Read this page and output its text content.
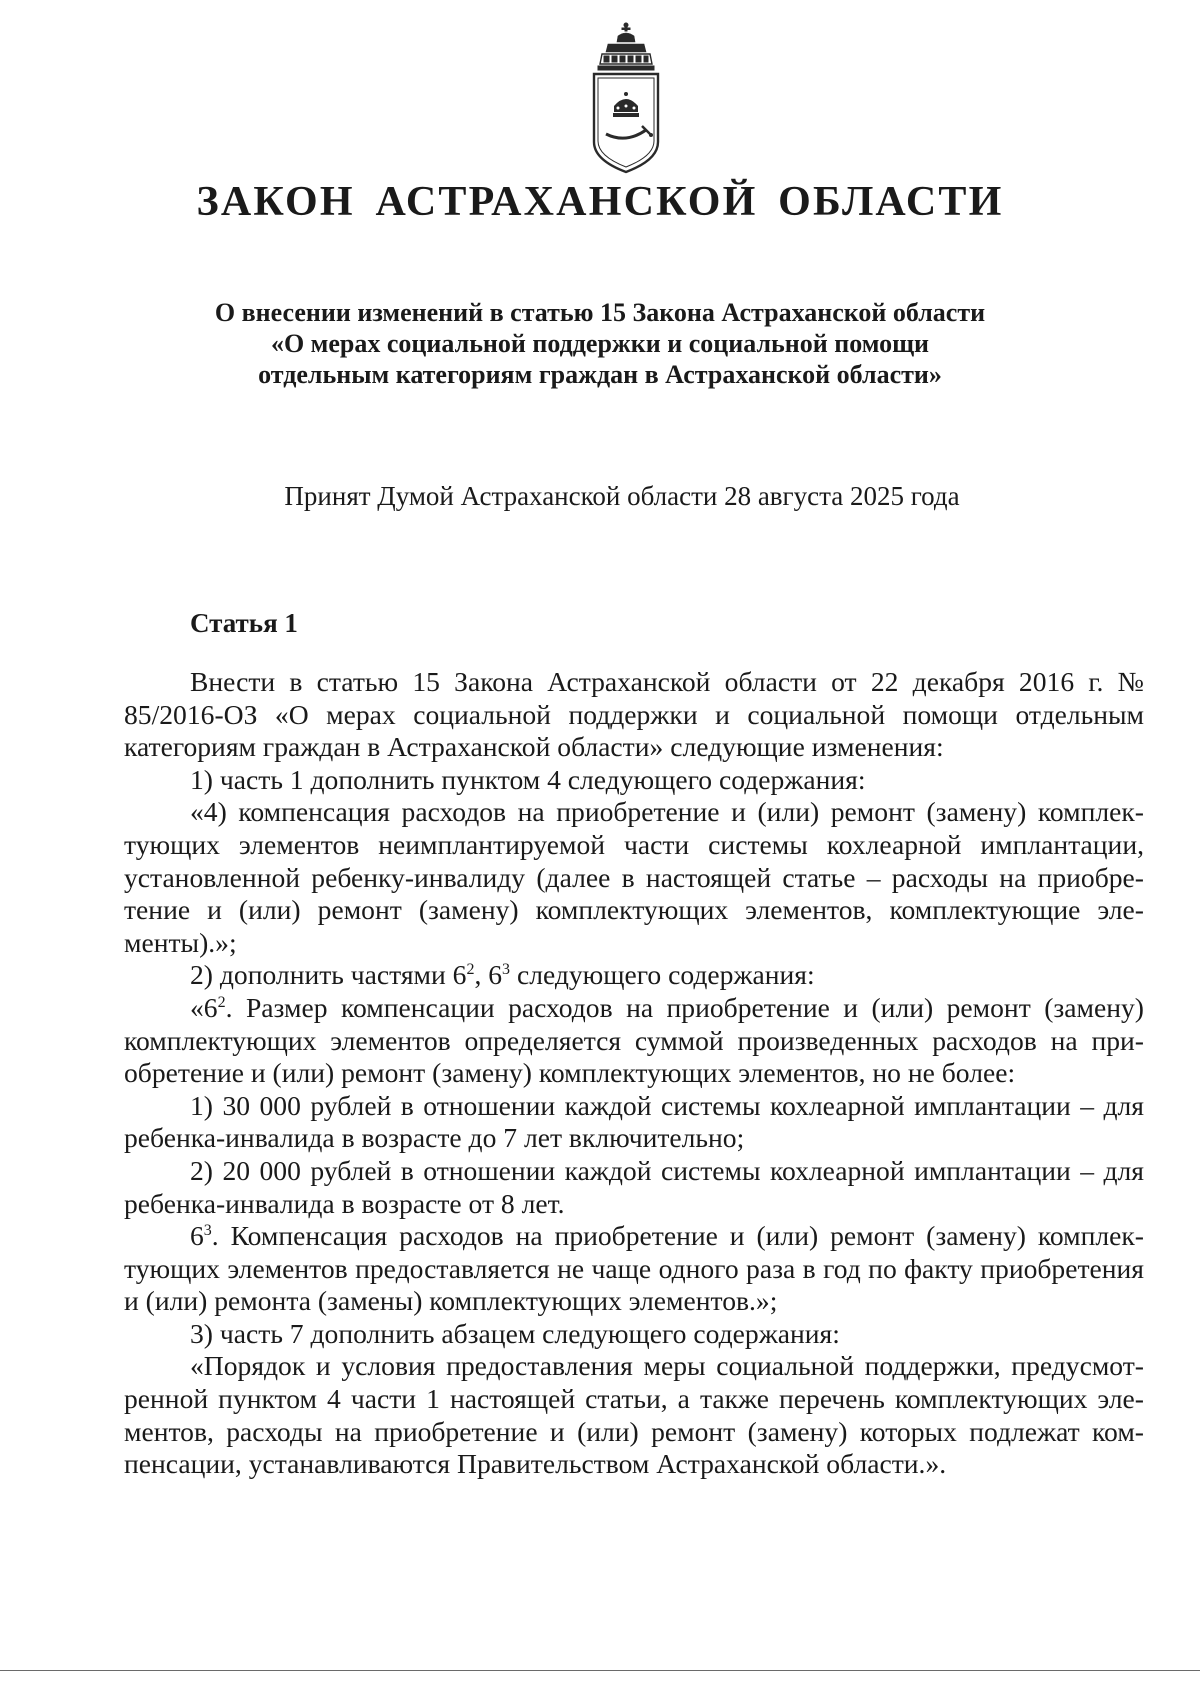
ЗАКОН АСТРАХАНСКОЙ ОБЛАСТИ
О внесении изменений в статью 15 Закона Астраханской области
«О мерах социальной поддержки и социальной помощи
отдельным категориям граждан в Астраханской области»

Принят Думой Астраханской области 28 августа 2025 года

Статья 1

Внести в статью 15 Закона Астраханской области от 22 декабря 2016 г. № 85/2016-ОЗ «О мерах социальной поддержки и социальной помощи отдельным категориям граждан в Астраханской области» следующие изменения:

1) часть 1 дополнить пунктом 4 следующего содержания:

«4) компенсация расходов на приобретение и (или) ремонт (замену) комплектующих элементов неимплантируемой части системы кохлеарной имплантации, установленной ребенку-инвалиду (далее в настоящей статье – расходы на приобретение и (или) ремонт (замену) комплектующих элементов, комплектующие элементы).»;

2) дополнить частями $6^2$, $6^3$ следующего содержания:

«$6^2$. Размер компенсации расходов на приобретение и (или) ремонт (замену) комплектующих элементов определяется суммой произведенных расходов на приобретение и (или) ремонт (замену) комплектующих элементов, но не более:

1) 30 000 рублей в отношении каждой системы кохлеарной имплантации – для ребенка-инвалида в возрасте до 7 лет включительно;

2) 20 000 рублей в отношении каждой системы кохлеарной имплантации – для ребенка-инвалида в возрасте от 8 лет.

$6^3$. Компенсация расходов на приобретение и (или) ремонт (замену) комплектующих элементов предоставляется не чаще одного раза в год по факту приобретения и (или) ремонта (замены) комплектующих элементов.»;

3) часть 7 дополнить абзацем следующего содержания:

«Порядок и условия предоставления меры социальной поддержки, предусмотренной пунктом 4 части 1 настоящей статьи, а также перечень комплектующих элементов, расходы на приобретение и (или) ремонт (замену) которых подлежат компенсации, устанавливаются Правительством Астраханской области.».
